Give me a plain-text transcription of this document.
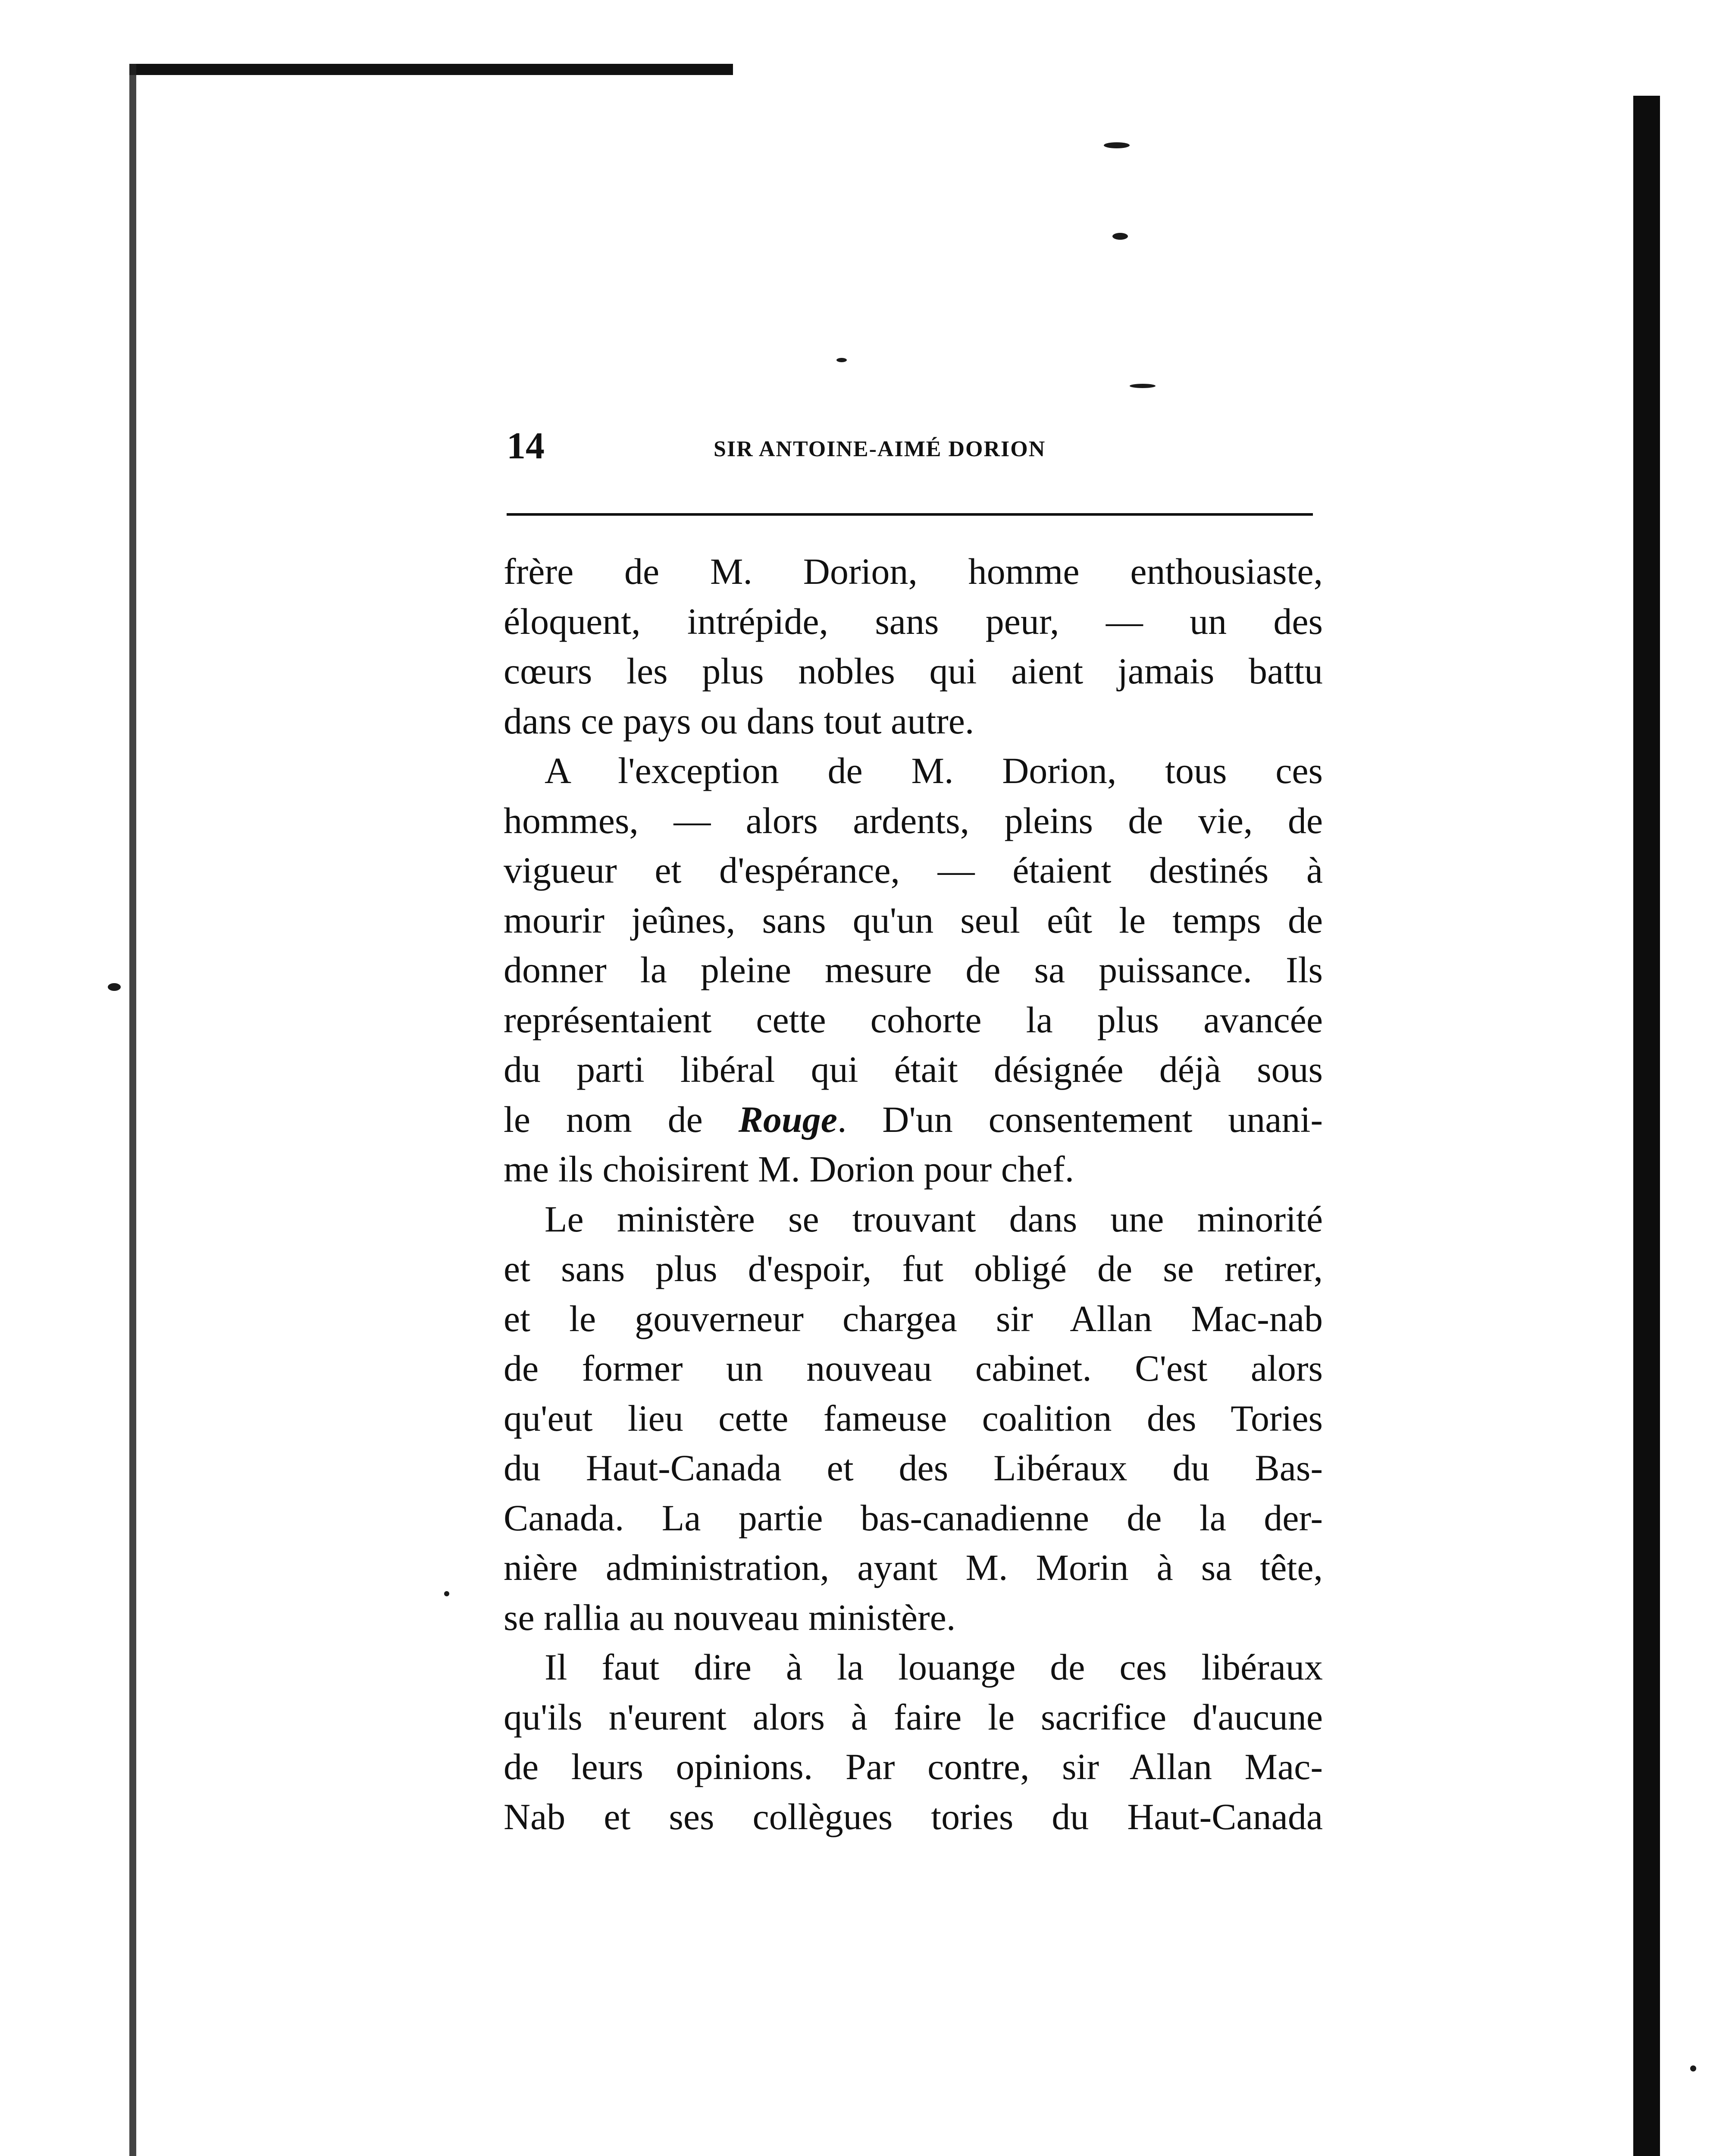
14	SIR ANTOINE-AIMÉ DORION

frère de M. Dorion, homme enthousiaste,
éloquent, intrépide, sans peur, — un des
cœurs les plus nobles qui aient jamais battu
dans ce pays ou dans tout autre.

A l'exception de M. Dorion, tous ces
hommes, — alors ardents, pleins de vie, de
vigueur et d'espérance, — étaient destinés à
mourir jeûnes, sans qu'un seul eût le temps de
donner la pleine mesure de sa puissance. Ils
représentaient cette cohorte la plus avancée
du parti libéral qui était désignée déjà sous
le nom de Rouge. D'un consentement unani-
me ils choisirent M. Dorion pour chef.

Le ministère se trouvant dans une minorité
et sans plus d'espoir, fut obligé de se retirer,
et le gouverneur chargea sir Allan Mac-nab
de former un nouveau cabinet. C'est alors
qu'eut lieu cette fameuse coalition des Tories
du Haut-Canada et des Libéraux du Bas-
Canada. La partie bas-canadienne de la der-
nière administration, ayant M. Morin à sa tête,
se rallia au nouveau ministère.

Il faut dire à la louange de ces libéraux
qu'ils n'eurent alors à faire le sacrifice d'aucune
de leurs opinions. Par contre, sir Allan Mac-
Nab et ses collègues tories du Haut-Canada
